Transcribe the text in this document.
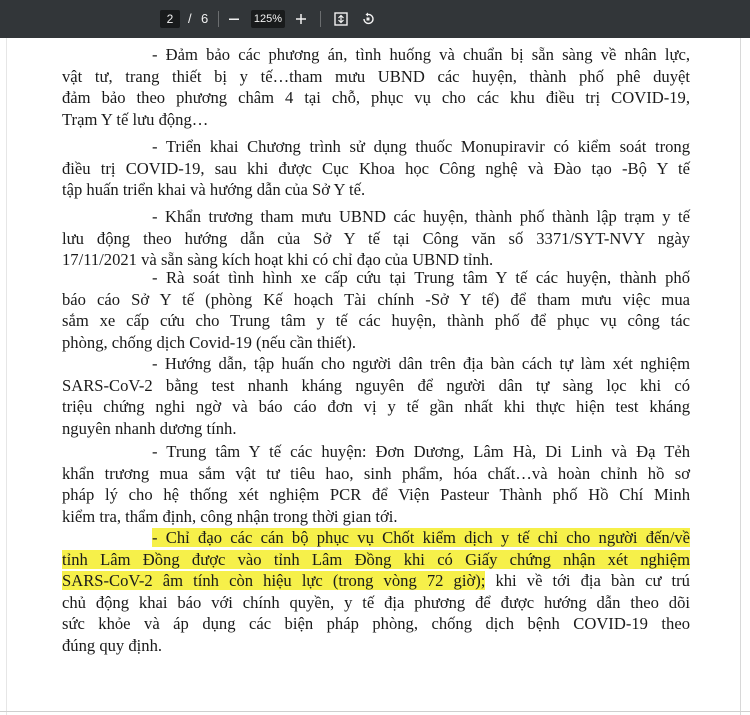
2	/ 6	125%
- Đảm bảo các phương án, tình huống và chuẩn bị sẵn sàng về nhân lực,
vật tư, trang thiết bị y tế…tham mưu UBND các huyện, thành phố phê duyệt
đảm bảo theo phương châm 4 tại chỗ, phục vụ cho các khu điều trị COVID-19,
Trạm Y tế lưu động…
- Triển khai Chương trình sử dụng thuốc Monupiravir có kiểm soát trong
điều trị COVID-19, sau khi được Cục Khoa học Công nghệ và Đào tạo -Bộ Y tế
tập huấn triển khai và hướng dẫn của Sở Y tế.
- Khẩn trương tham mưu UBND các huyện, thành phố thành lập trạm y tế
lưu động theo hướng dẫn của Sở Y tế tại Công văn số 3371/SYT-NVY ngày
17/11/2021 và sẵn sàng kích hoạt khi có chỉ đạo của UBND tỉnh.
- Rà soát tình hình xe cấp cứu tại Trung tâm Y tế các huyện, thành phố
báo cáo Sở Y tế (phòng Kế hoạch Tài chính -Sở Y tế) để tham mưu việc mua
sắm xe cấp cứu cho Trung tâm y tế các huyện, thành phố để phục vụ công tác
phòng, chống dịch Covid-19 (nếu cần thiết).
- Hướng dẫn, tập huấn cho người dân trên địa bàn cách tự làm xét nghiệm
SARS-CoV-2 bằng test nhanh kháng nguyên để người dân tự sàng lọc khi có
triệu chứng nghi ngờ và báo cáo đơn vị y tế gần nhất khi thực hiện test kháng
nguyên nhanh dương tính.
- Trung tâm Y tế các huyện: Đơn Dương, Lâm Hà, Di Linh và Đạ Tẻh
khẩn trương mua sắm vật tư tiêu hao, sinh phẩm, hóa chất…và hoàn chỉnh hồ sơ
pháp lý cho hệ thống xét nghiệm PCR để Viện Pasteur Thành phố Hồ Chí Minh
kiểm tra, thẩm định, công nhận trong thời gian tới.
- Chỉ đạo các cán bộ phục vụ Chốt kiểm dịch y tế chỉ cho người đến/về
tỉnh Lâm Đồng được vào tỉnh Lâm Đồng khi có Giấy chứng nhận xét nghiệm
SARS-CoV-2 âm tính còn hiệu lực (trong vòng 72 giờ); khi về tới địa bàn cư trú
chủ động khai báo với chính quyền, y tế địa phương để được hướng dẫn theo dõi
sức khỏe và áp dụng các biện pháp phòng, chống dịch bệnh COVID-19 theo
đúng quy định.
